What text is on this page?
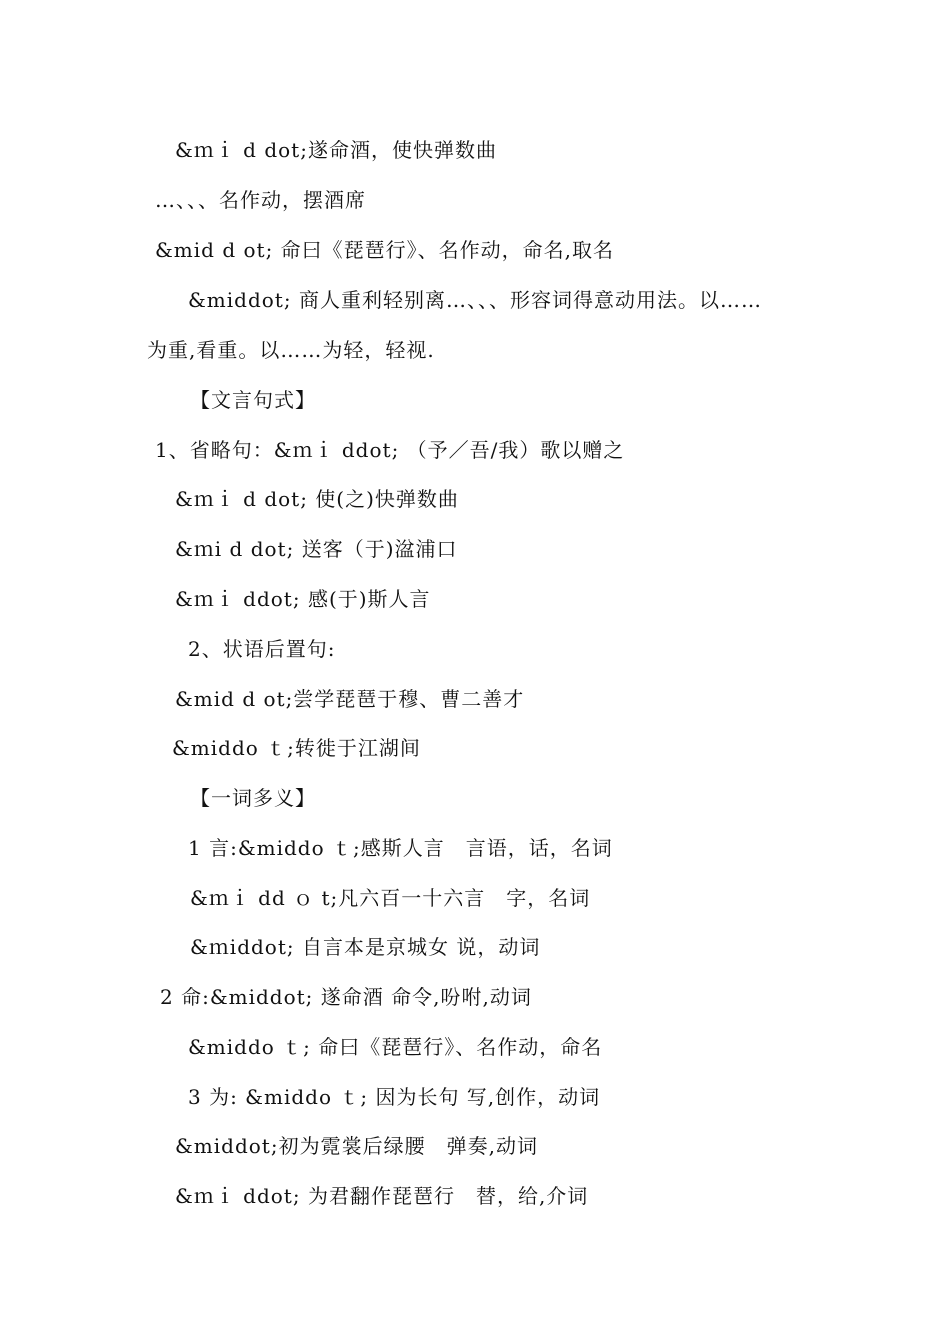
&ｍｉ d dot;遂命酒，使快弹数曲
…、、、名作动，摆酒席
&mid d ot; 命曰《琵琶行》、名作动，命名,取名
&middot; 商人重利轻别离…、、、形容词得意动用法。以……
为重,看重。以……为轻，轻视.
【文言句式】
1、省略句：&ｍｉ ddot; （予／吾/我）歌以赠之
&ｍｉ d dot; 使(之)快弹数曲
&ｍi d dot; 送客（于)湓浦口
&ｍｉ ddot; 感(于)斯人言
2、状语后置句:
&mid d ot;尝学琵琶于穆、曹二善才
&middo ｔ;转徙于江湖间
【一词多义】
1 言:&middo ｔ;感斯人言　言语，话，名词
&ｍｉ dd ｏ t;凡六百一十六言　字，名词
&ｍiddot; 自言本是京城女 说，动词
2 命:&middot; 遂命酒 命令,吩咐,动词
&middo ｔ; 命曰《琵琶行》、名作动，命名
3 为: &middo ｔ; 因为长句 写,创作，动词
&middot;初为霓裳后绿腰　弹奏,动词
&ｍｉ ddot; 为君翻作琵琶行　替，给,介词
